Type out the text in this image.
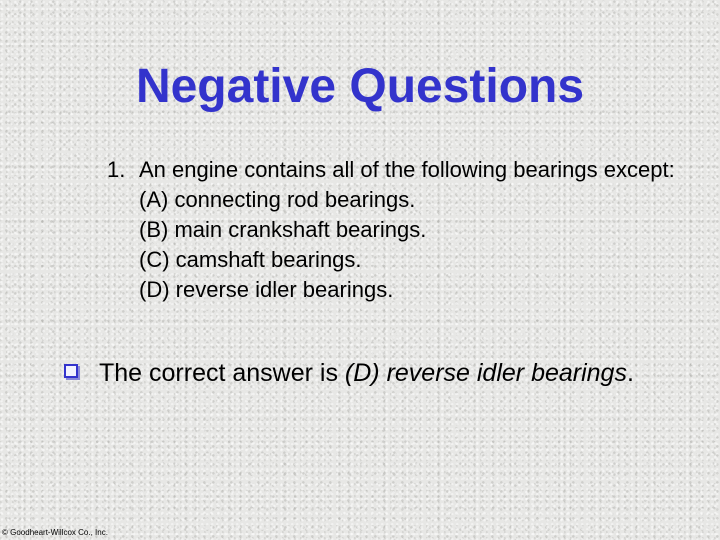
Negative Questions
1. An engine contains all of the following bearings except:
(A) connecting rod bearings.
(B) main crankshaft bearings.
(C) camshaft bearings.
(D) reverse idler bearings.
The correct answer is (D) reverse idler bearings.
© Goodheart-Willcox Co., Inc.
